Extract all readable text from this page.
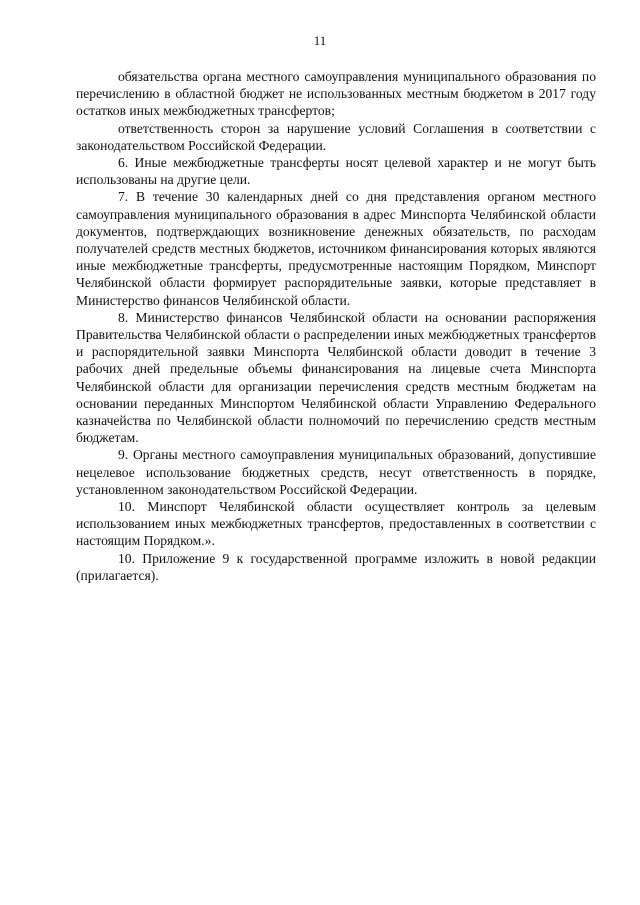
11

обязательства органа местного самоуправления муниципального образования по перечислению в областной бюджет не использованных местным бюджетом в 2017 году остатков иных межбюджетных трансфертов;

ответственность сторон за нарушение условий Соглашения в соответствии с законодательством Российской Федерации.

6. Иные межбюджетные трансферты носят целевой характер и не могут быть использованы на другие цели.

7. В течение 30 календарных дней со дня представления органом местного самоуправления муниципального образования в адрес Минспорта Челябинской области документов, подтверждающих возникновение денежных обязательств, по расходам получателей средств местных бюджетов, источником финансирования которых являются иные межбюджетные трансферты, предусмотренные настоящим Порядком, Минспорт Челябинской области формирует распорядительные заявки, которые представляет в Министерство финансов Челябинской области.

8. Министерство финансов Челябинской области на основании распоряжения Правительства Челябинской области о распределении иных межбюджетных трансфертов и распорядительной заявки Минспорта Челябинской области доводит в течение 3 рабочих дней предельные объемы финансирования на лицевые счета Минспорта Челябинской области для организации перечисления средств местным бюджетам на основании переданных Минспортом Челябинской области Управлению Федерального казначейства по Челябинской области полномочий по перечислению средств местным бюджетам.

9. Органы местного самоуправления муниципальных образований, допустившие нецелевое использование бюджетных средств, несут ответственность в порядке, установленном законодательством Российской Федерации.

10. Минспорт Челябинской области осуществляет контроль за целевым использованием иных межбюджетных трансфертов, предоставленных в соответствии с настоящим Порядком.».

10. Приложение 9 к государственной программе изложить в новой редакции (прилагается).
